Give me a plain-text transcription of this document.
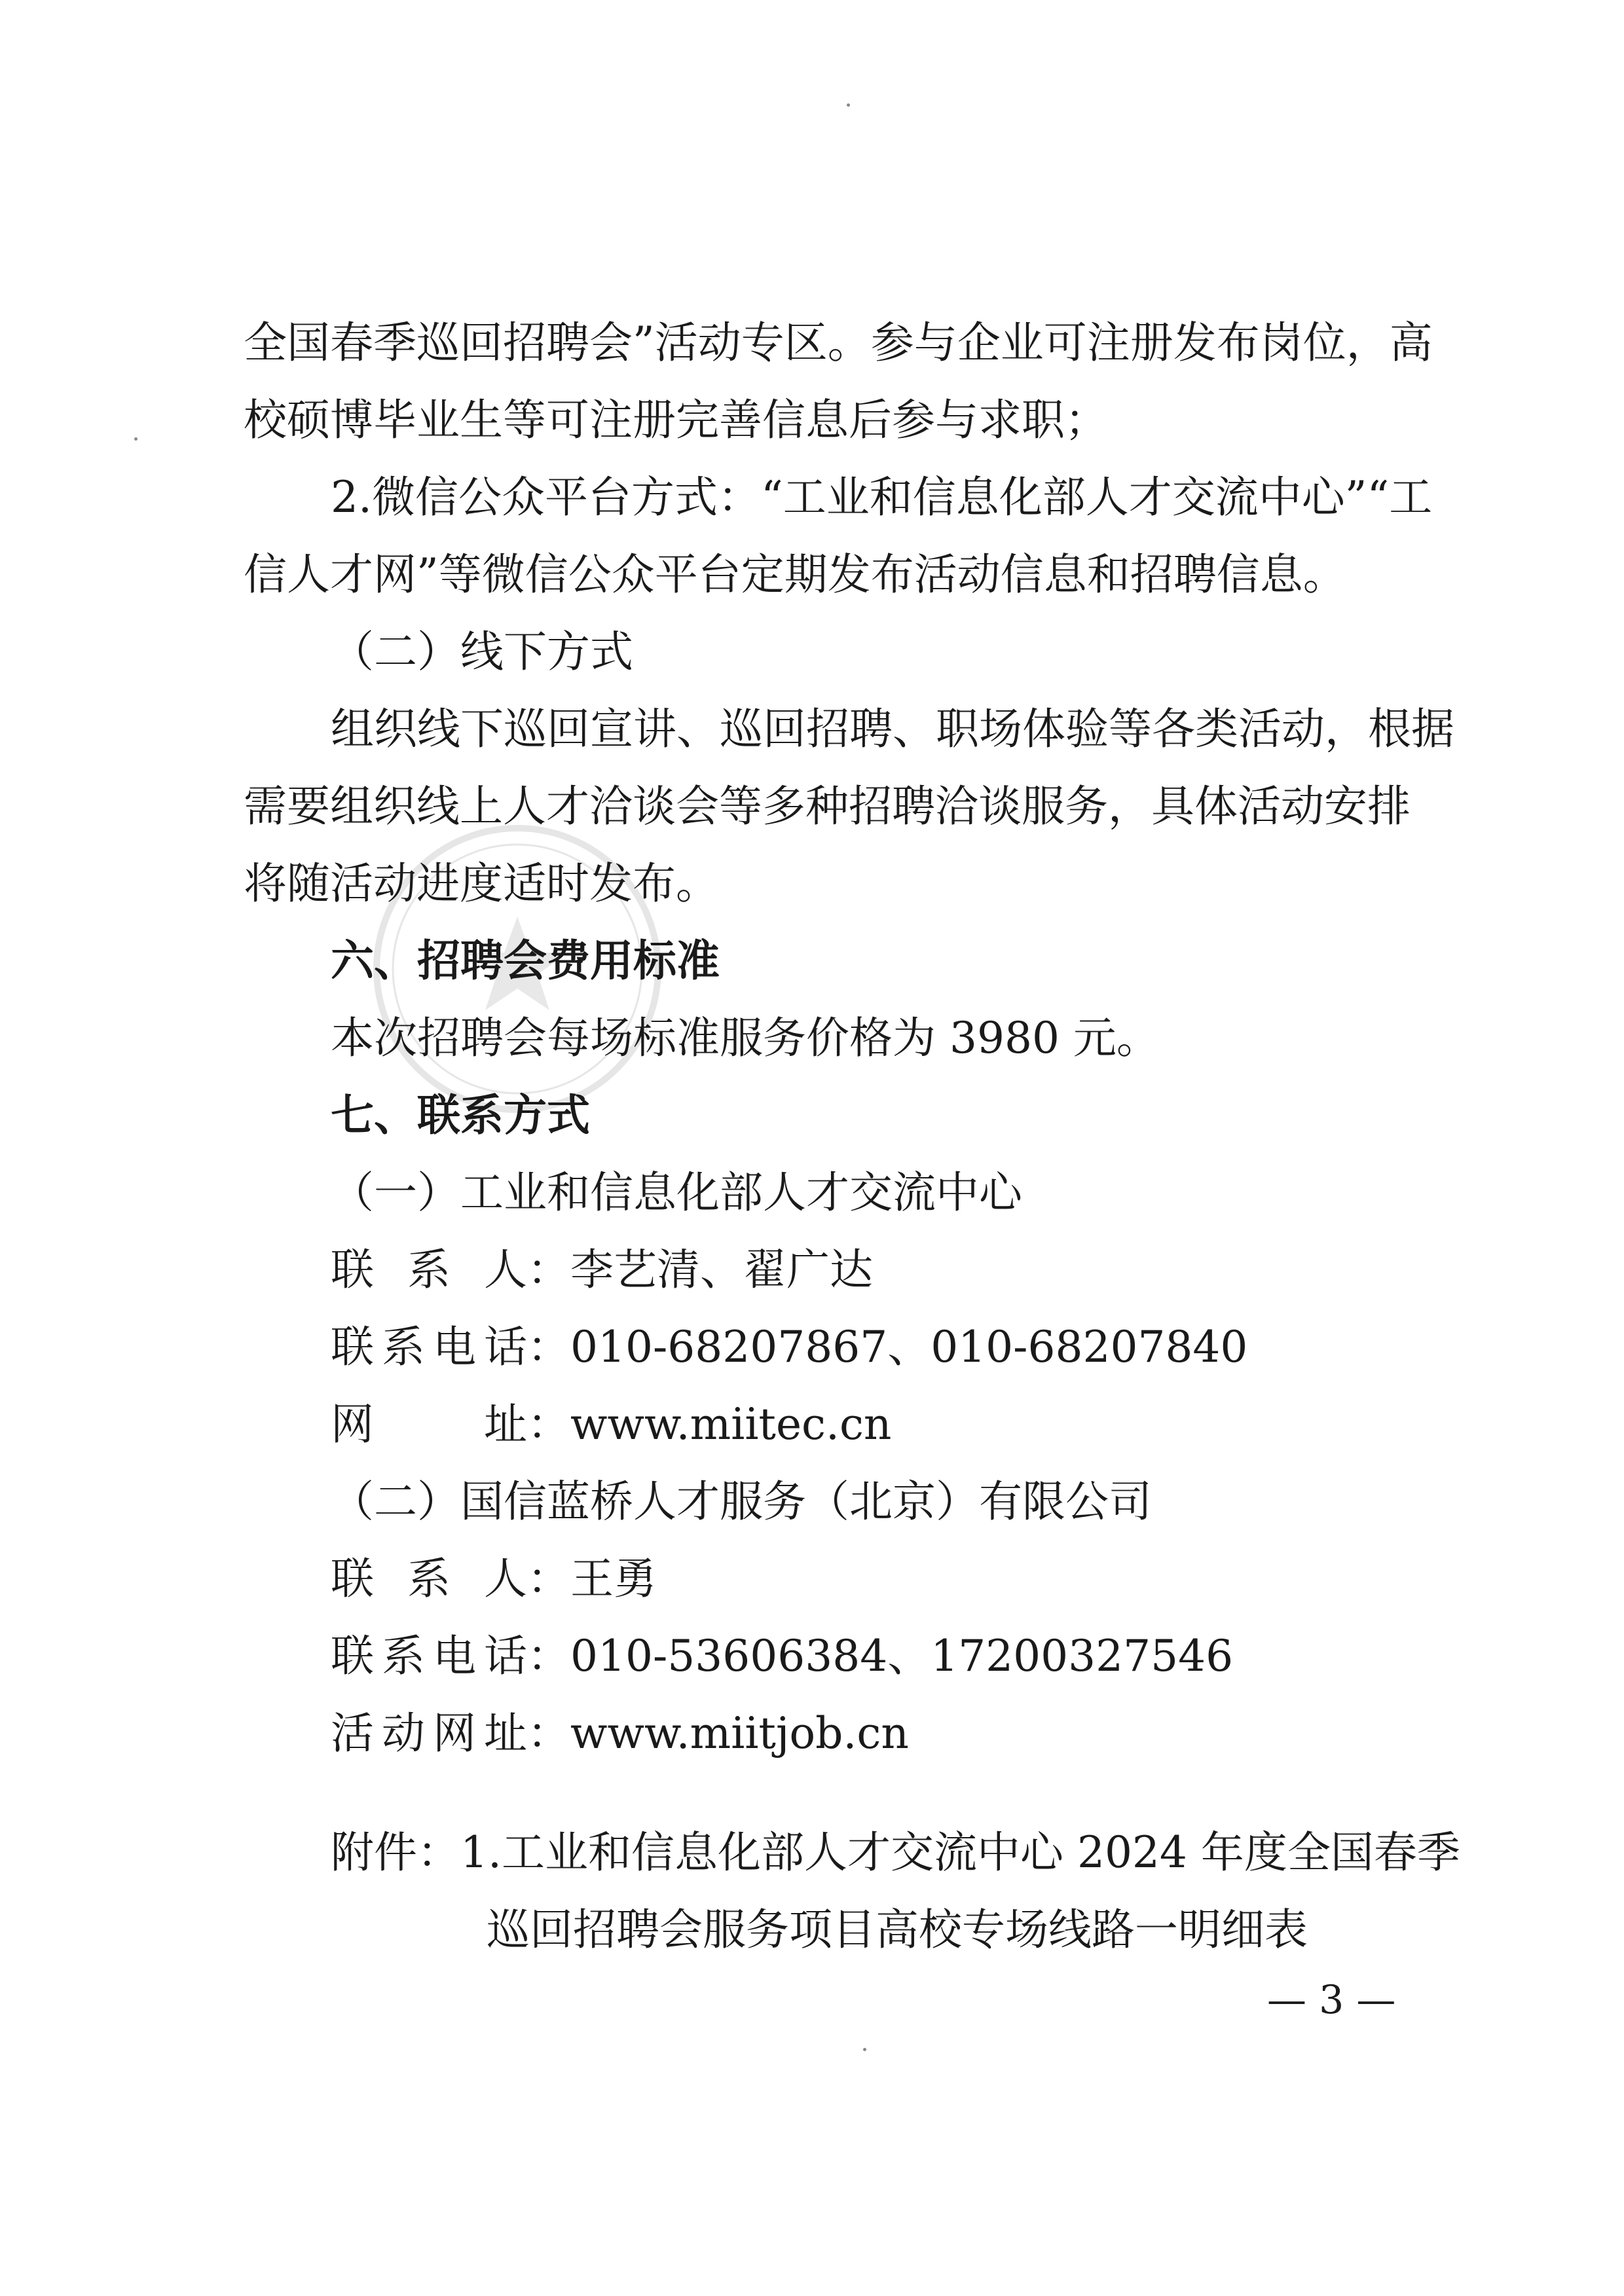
全国春季巡回招聘会”活动专区。参与企业可注册发布岗位，高
校硕博毕业生等可注册完善信息后参与求职；
2.微信公众平台方式：“工业和信息化部人才交流中心”“工
信人才网”等微信公众平台定期发布活动信息和招聘信息。
（二）线下方式
组织线下巡回宣讲、巡回招聘、职场体验等各类活动，根据
需要组织线上人才洽谈会等多种招聘洽谈服务，具体活动安排
将随活动进度适时发布。
六、招聘会费用标准
本次招聘会每场标准服务价格为 3980 元。
七、联系方式
（一）工业和信息化部人才交流中心
联系人：李艺清、翟广达
联系电话：010-68207867、010-68207840
网址：www.miitec.cn
（二）国信蓝桥人才服务（北京）有限公司
联系人：王勇
联系电话：010-53606384、17200327546
活动网址：www.miitjob.cn
附件：1.工业和信息化部人才交流中心 2024 年度全国春季
巡回招聘会服务项目高校专场线路一明细表
— 3 —
